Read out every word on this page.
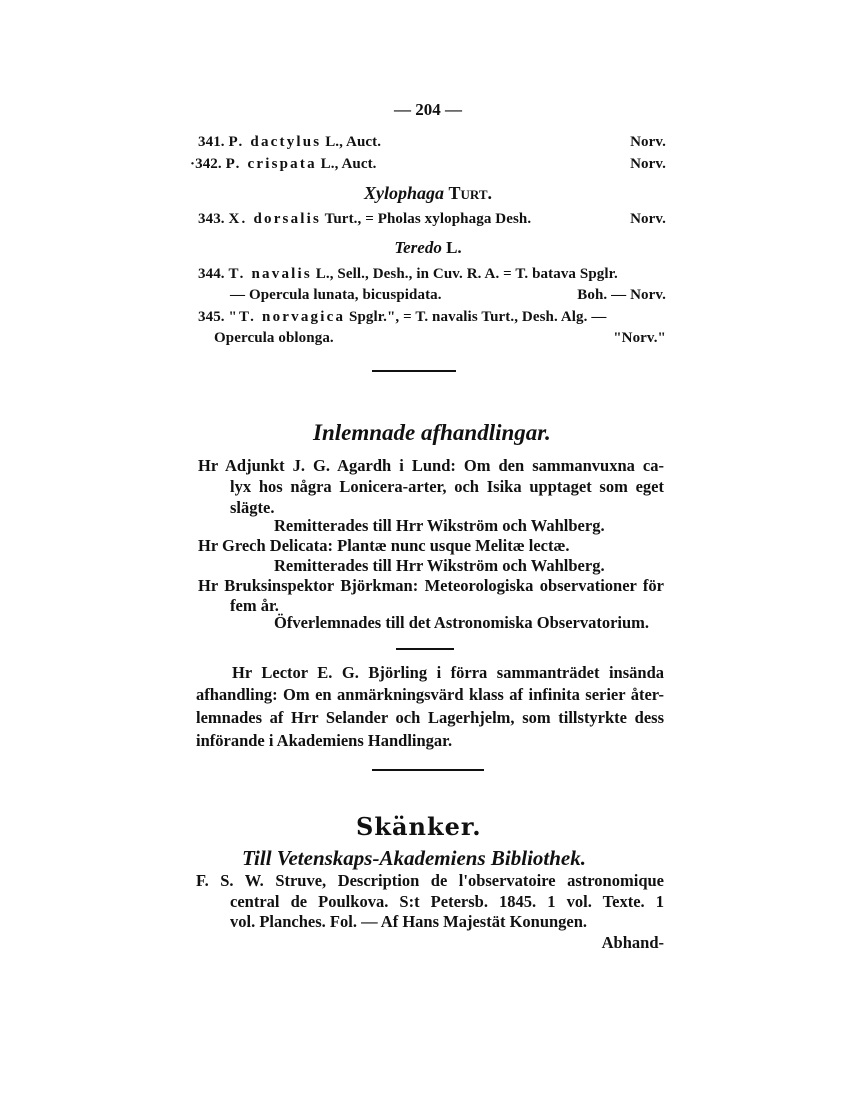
— 204 —
341. P. dactylus L., Auct.	Norv.
·342. P. crispata L., Auct.	Norv.
Xylophaga Turt.
343. X. dorsalis Turt., = Pholas xylophaga Desh.	Norv.
Teredo L.
344. T. navalis L., Sell., Desh., in Cuv. R. A. = T. batava Spglr.
— Opercula lunata, bicuspidata.	Boh. — Norv.
345. "T. norvagica Spglr.", = T. navalis Turt., Desh. Alg. —
Opercula oblonga.	"Norv."
Inlemnade afhandlingar.
Hr Adjunkt J. G. Agardh i Lund: Om den sammanvuxna ca-
lyx hos några Lonicera-arter, och Isika upptaget som eget
slägte.
Remitterades till Hrr Wikström och Wahlberg.
Hr Grech Delicata: Plantæ nunc usque Melitæ lectæ.
Remitterades till Hrr Wikström och Wahlberg.
Hr Bruksinspektor Björkman: Meteorologiska observationer för
fem år.
Öfverlemnades till det Astronomiska Observatorium.
Hr Lector E. G. Björling i förra sammanträdet insända
afhandling: Om en anmärkningsvärd klass af infinita serier åter-
lemnades af Hrr Selander och Lagerhjelm, som tillstyrkte dess
införande i Akademiens Handlingar.
Skänker.
Till Vetenskaps-Akademiens Bibliothek.
F. S. W. Struve, Description de l'observatoire astronomique
central de Poulkova. S:t Petersb. 1845. 1 vol. Texte. 1
vol. Planches. Fol. — Af Hans Majestät Konungen.
Abhand-
